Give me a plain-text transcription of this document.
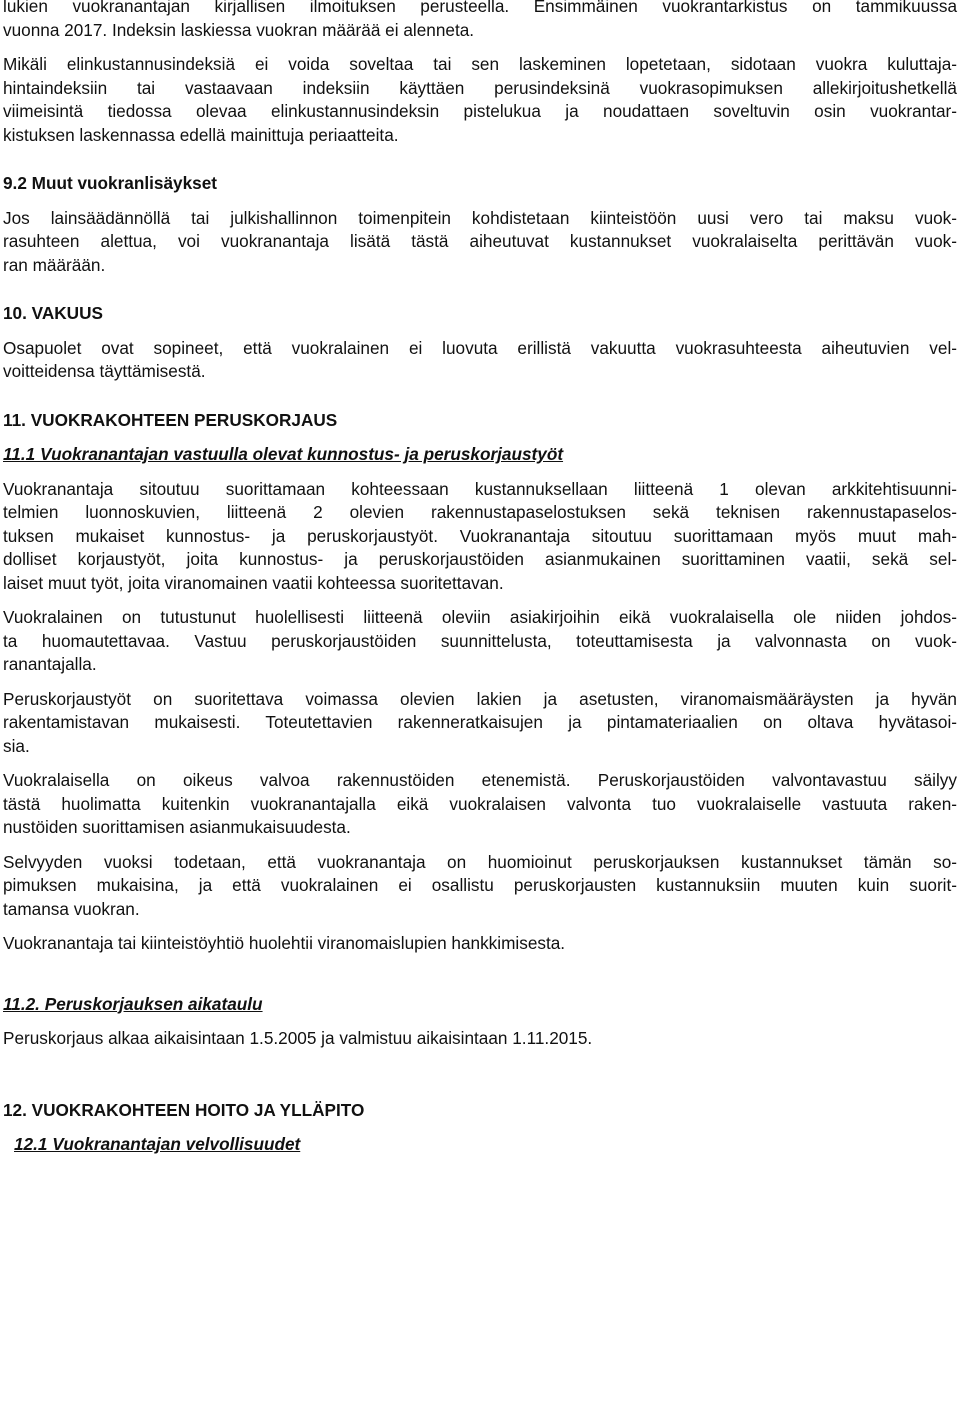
lukien vuokranantajan kirjallisen ilmoituksen perusteella. Ensimmäinen vuokrantarkistus on tammikuussa
vuonna 2017. Indeksin laskiessa vuokran määrää ei alenneta.

Mikäli elinkustannusindeksiä ei voida soveltaa tai sen laskeminen lopetetaan, sidotaan vuokra kuluttaja-
hintaindeksiin tai vastaavaan indeksiin käyttäen perusindeksinä vuokrasopimuksen allekirjoitushetkellä
viimeisintä tiedossa olevaa elinkustannusindeksin pistelukua ja noudattaen soveltuvin osin vuokrantar-
kistuksen laskennassa edellä mainittuja periaatteita.

9.2 Muut vuokranlisäykset

Jos lainsäädännöllä tai julkishallinnon toimenpitein kohdistetaan kiinteistöön uusi vero tai maksu vuok-
rasuhteen alettua, voi vuokranantaja lisätä tästä aiheutuvat kustannukset vuokralaiselta perittävän vuok-
ran määrään.

10. VAKUUS

Osapuolet ovat sopineet, että vuokralainen ei luovuta erillistä vakuutta vuokrasuhteesta aiheutuvien vel-
voitteidensa täyttämisestä.

11. VUOKRAKOHTEEN PERUSKORJAUS
11.1 Vuokranantajan vastuulla olevat kunnostus- ja peruskorjaustyöt

Vuokranantaja sitoutuu suorittamaan kohteessaan kustannuksellaan liitteenä 1 olevan arkkitehtisuunni-
telmien luonnoskuvien, liitteenä 2 olevien rakennustapaselostuksen sekä teknisen rakennustapaselos-
tuksen mukaiset kunnostus- ja peruskorjaustyöt. Vuokranantaja sitoutuu suorittamaan myös muut mah-
dolliset korjaustyöt, joita kunnostus- ja peruskorjaustöiden asianmukainen suorittaminen vaatii, sekä sel-
laiset muut työt, joita viranomainen vaatii kohteessa suoritettavan.

Vuokralainen on tutustunut huolellisesti liitteenä oleviin asiakirjoihin eikä vuokralaisella ole niiden johdos-
ta huomautettavaa. Vastuu peruskorjaustöiden suunnittelusta, toteuttamisesta ja valvonnasta on vuok-
ranantajalla.

Peruskorjaustyöt on suoritettava voimassa olevien lakien ja asetusten, viranomaismääräysten ja hyvän
rakentamistavan mukaisesti. Toteutettavien rakenneratkaisujen ja pintamateriaalien on oltava hyvätasoi-
sia.

Vuokralaisella on oikeus valvoa rakennustöiden etenemistä. Peruskorjaustöiden valvontavastuu säilyy
tästä huolimatta kuitenkin vuokranantajalla eikä vuokralaisen valvonta tuo vuokralaiselle vastuuta raken-
nustöiden suorittamisen asianmukaisuudesta.

Selvyyden vuoksi todetaan, että vuokranantaja on huomioinut peruskorjauksen kustannukset tämän so-
pimuksen mukaisina, ja että vuokralainen ei osallistu peruskorjausten kustannuksiin muuten kuin suorit-
tamansa vuokran.

Vuokranantaja tai kiinteistöyhtiö huolehtii viranomaislupien hankkimisesta.

11.2. Peruskorjauksen aikataulu

Peruskorjaus alkaa aikaisintaan 1.5.2005 ja valmistuu aikaisintaan 1.11.2015.

12. VUOKRAKOHTEEN HOITO JA YLLÄPITO
12.1 Vuokranantajan velvollisuudet
